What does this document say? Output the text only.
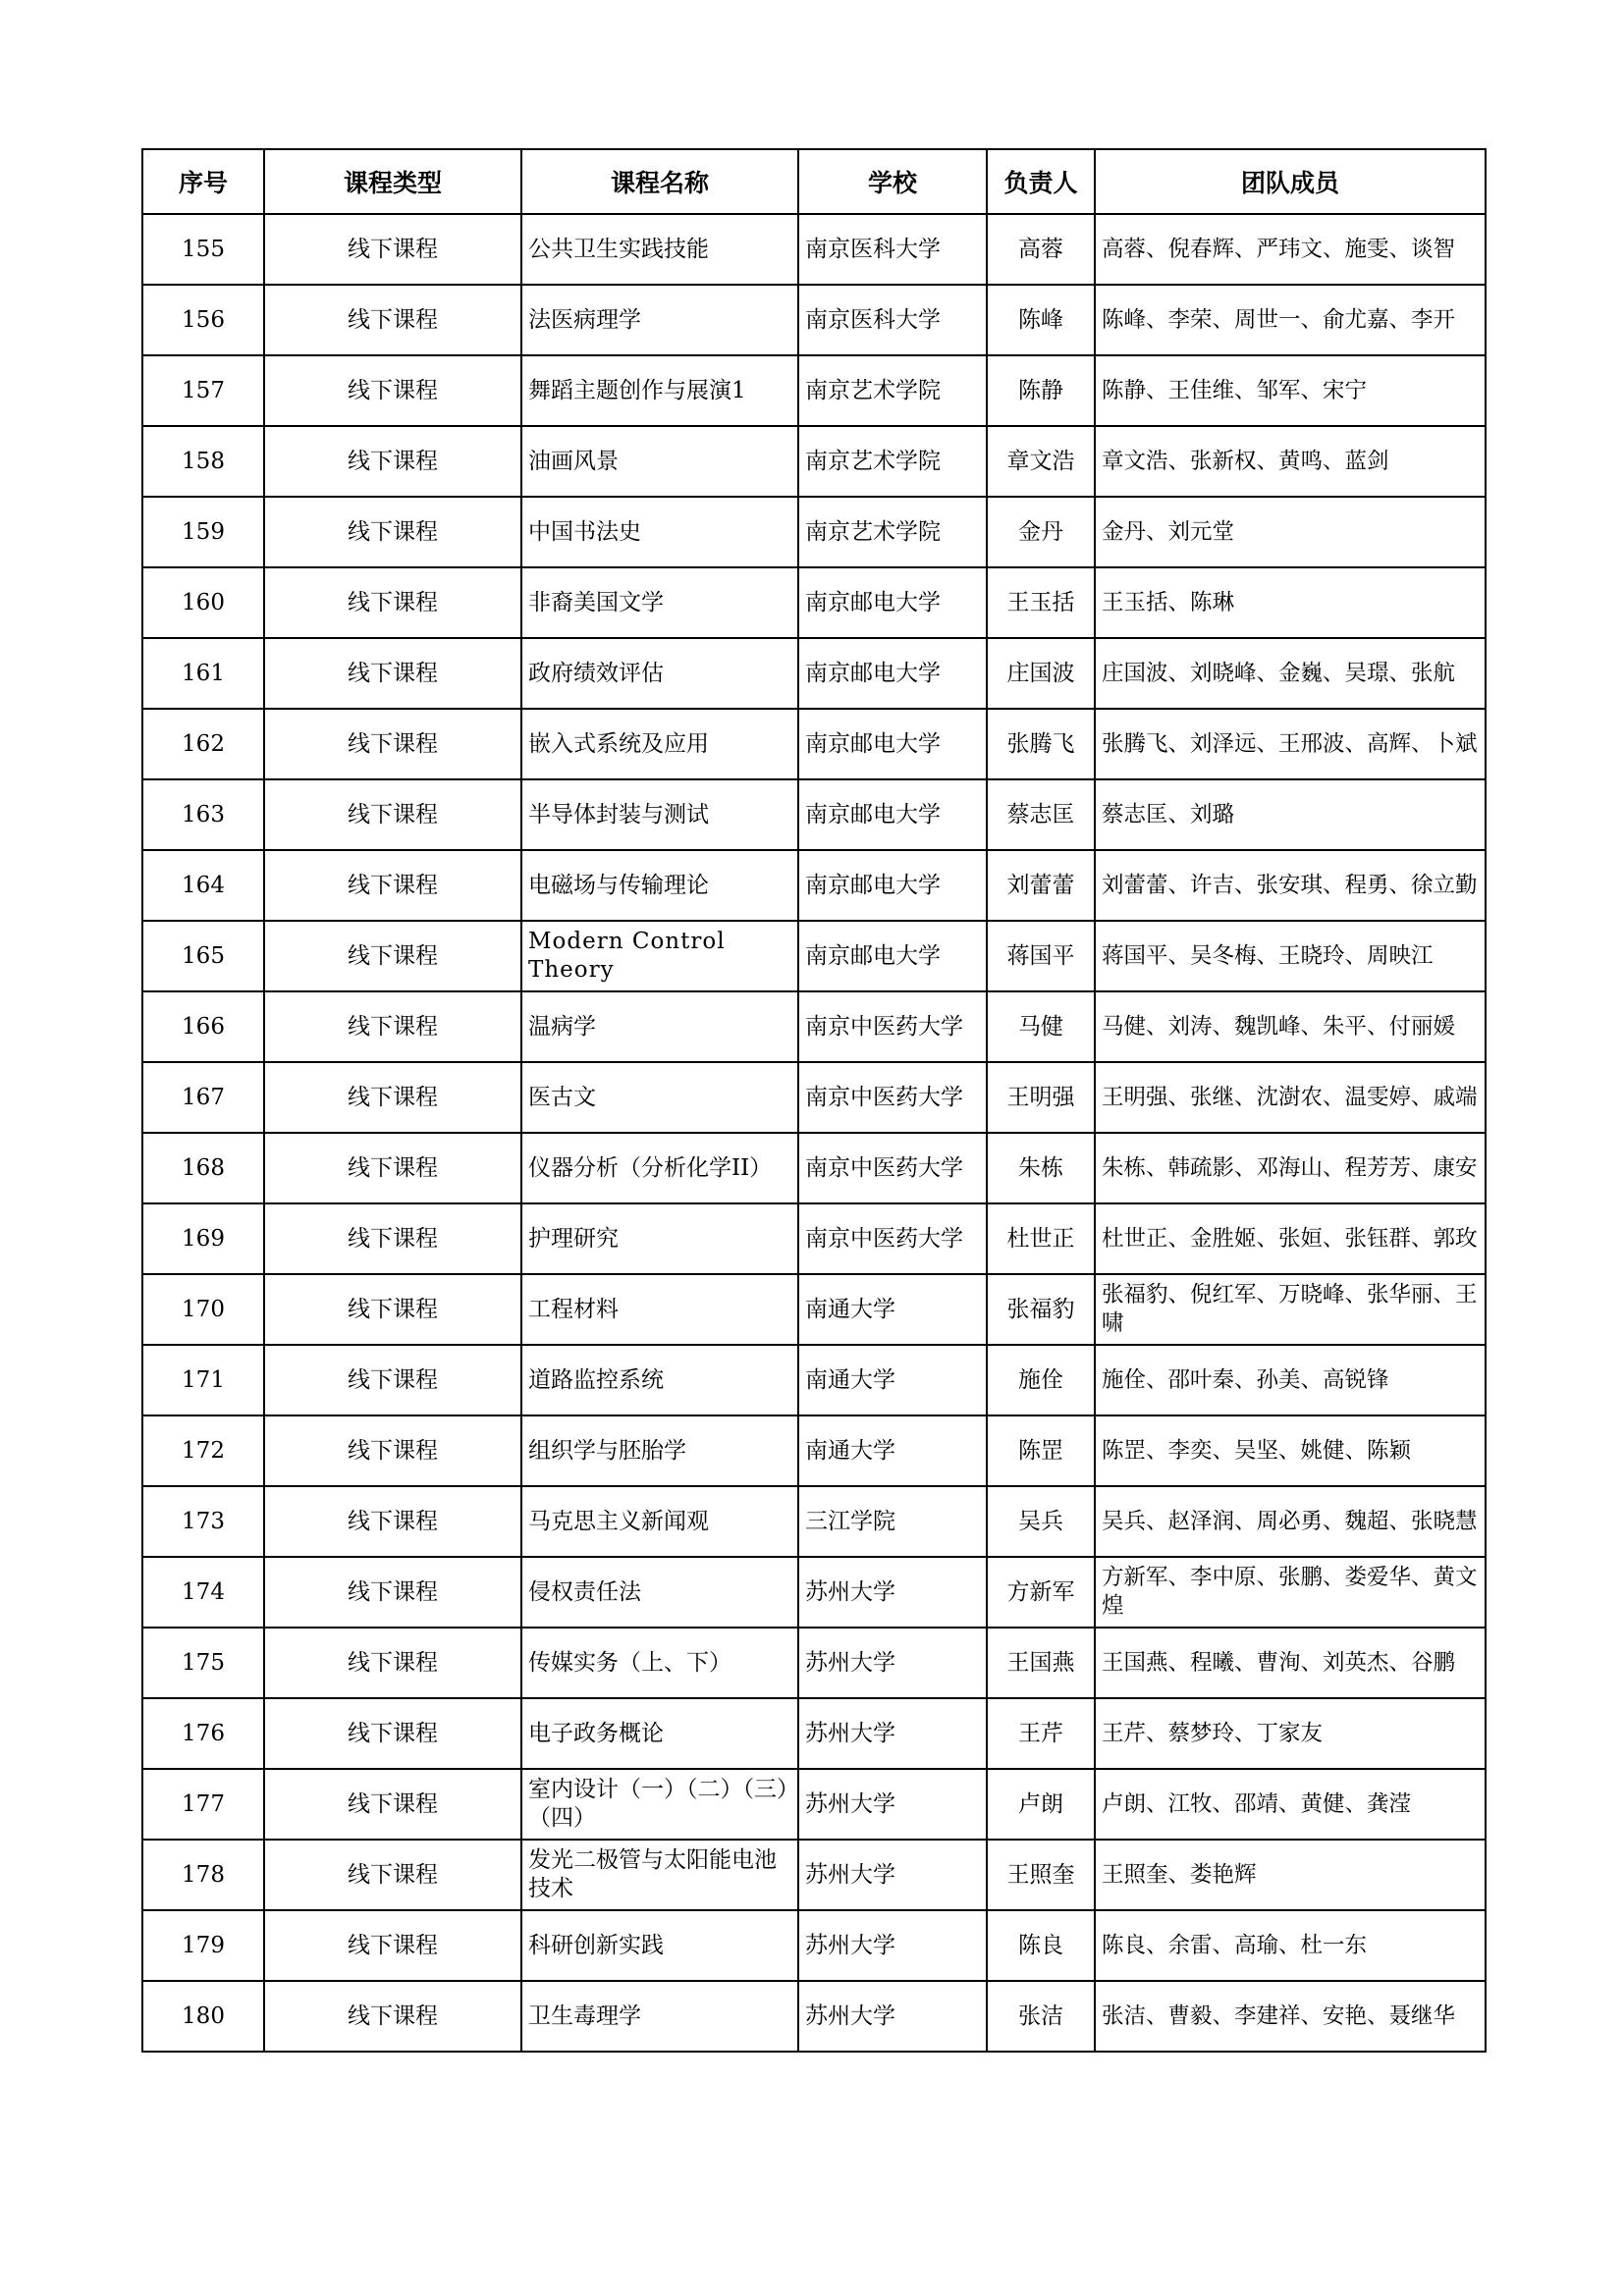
序号	课程类型	课程名称	学校	负责人	团队成员
155	线下课程	公共卫生实践技能	南京医科大学	高蓉	高蓉、倪春辉、严玮文、施雯、谈智
156	线下课程	法医病理学	南京医科大学	陈峰	陈峰、李荣、周世一、俞尤嘉、李开
157	线下课程	舞蹈主题创作与展演1	南京艺术学院	陈静	陈静、王佳维、邹军、宋宁
158	线下课程	油画风景	南京艺术学院	章文浩	章文浩、张新权、黄鸣、蓝剑
159	线下课程	中国书法史	南京艺术学院	金丹	金丹、刘元堂
160	线下课程	非裔美国文学	南京邮电大学	王玉括	王玉括、陈琳
161	线下课程	政府绩效评估	南京邮电大学	庄国波	庄国波、刘晓峰、金巍、吴璟、张航
162	线下课程	嵌入式系统及应用	南京邮电大学	张腾飞	张腾飞、刘泽远、王邢波、高辉、卜斌
163	线下课程	半导体封装与测试	南京邮电大学	蔡志匡	蔡志匡、刘璐
164	线下课程	电磁场与传输理论	南京邮电大学	刘蕾蕾	刘蕾蕾、许吉、张安琪、程勇、徐立勤
165	线下课程	Modern Control Theory	南京邮电大学	蒋国平	蒋国平、吴冬梅、王晓玲、周映江
166	线下课程	温病学	南京中医药大学	马健	马健、刘涛、魏凯峰、朱平、付丽媛
167	线下课程	医古文	南京中医药大学	王明强	王明强、张继、沈澍农、温雯婷、戚端
168	线下课程	仪器分析（分析化学II）	南京中医药大学	朱栋	朱栋、韩疏影、邓海山、程芳芳、康安
169	线下课程	护理研究	南京中医药大学	杜世正	杜世正、金胜姬、张姮、张钰群、郭玫
170	线下课程	工程材料	南通大学	张福豹	张福豹、倪红军、万晓峰、张华丽、王啸
171	线下课程	道路监控系统	南通大学	施佺	施佺、邵叶秦、孙美、高锐锋
172	线下课程	组织学与胚胎学	南通大学	陈罡	陈罡、李奕、吴坚、姚健、陈颖
173	线下课程	马克思主义新闻观	三江学院	吴兵	吴兵、赵泽润、周必勇、魏超、张晓慧
174	线下课程	侵权责任法	苏州大学	方新军	方新军、李中原、张鹏、娄爱华、黄文煌
175	线下课程	传媒实务（上、下）	苏州大学	王国燕	王国燕、程曦、曹洵、刘英杰、谷鹏
176	线下课程	电子政务概论	苏州大学	王芹	王芹、蔡梦玲、丁家友
177	线下课程	室内设计（一）（二）（三）（四）	苏州大学	卢朗	卢朗、江牧、邵靖、黄健、龚滢
178	线下课程	发光二极管与太阳能电池技术	苏州大学	王照奎	王照奎、娄艳辉
179	线下课程	科研创新实践	苏州大学	陈良	陈良、余雷、高瑜、杜一东
180	线下课程	卫生毒理学	苏州大学	张洁	张洁、曹毅、李建祥、安艳、聂继华
